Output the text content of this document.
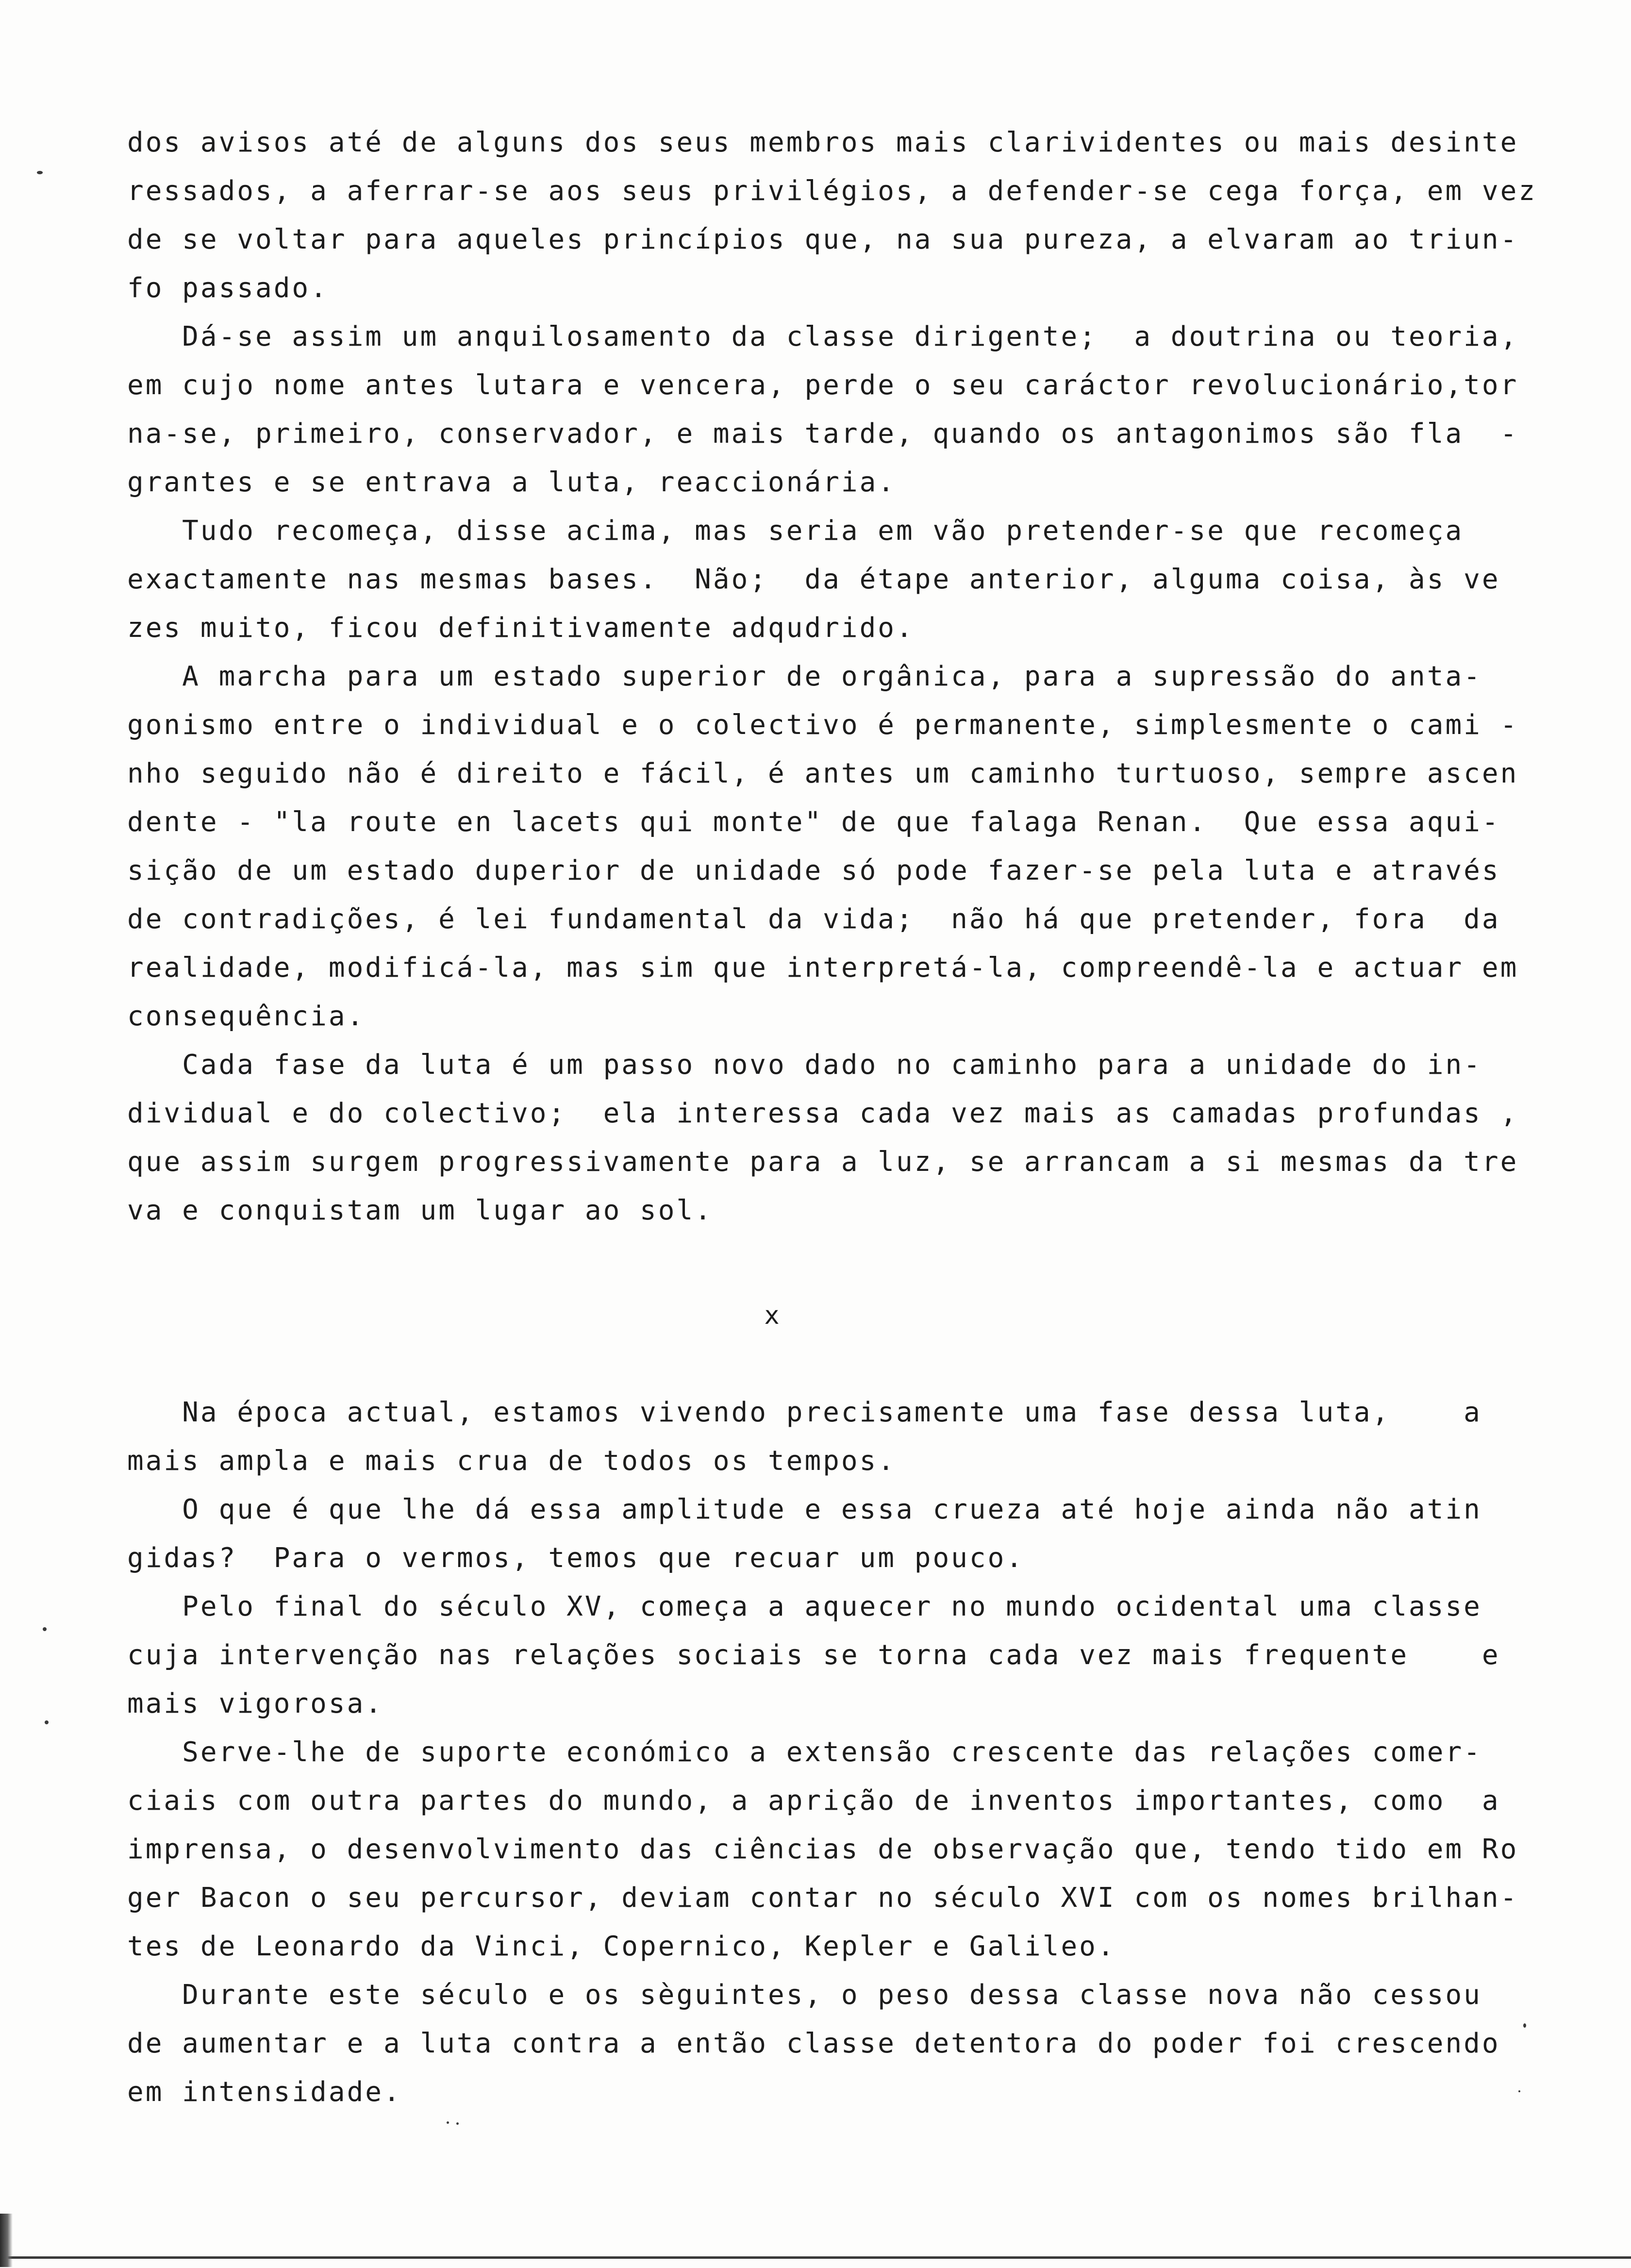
dos avisos até de alguns dos seus membros mais clarividentes ou mais desinte
ressados, a aferrar-se aos seus privilégios, a defender-se cega força, em vez
de se voltar para aqueles princípios que, na sua pureza, a elvaram ao triun-
fo passado.
Dá-se assim um anquilosamento da classe dirigente;  a doutrina ou teoria,
em cujo nome antes lutara e vencera, perde o seu caráctor revolucionário,tor
na-se, primeiro, conservador, e mais tarde, quando os antagonimos são fla  -
grantes e se entrava a luta, reaccionária.
Tudo recomeça, disse acima, mas seria em vão pretender-se que recomeça
exactamente nas mesmas bases.  Não;  da étape anterior, alguma coisa, às ve
zes muito, ficou definitivamente adqudrido.
A marcha para um estado superior de orgânica, para a supressão do anta-
gonismo entre o individual e o colectivo é permanente, simplesmente o cami -
nho seguido não é direito e fácil, é antes um caminho turtuoso, sempre ascen
dente - "la route en lacets qui monte" de que falaga Renan.  Que essa aqui-
sição de um estado duperior de unidade só pode fazer-se pela luta e através
de contradições, é lei fundamental da vida;  não há que pretender, fora  da
realidade, modificá-la, mas sim que interpretá-la, compreendê-la e actuar em
consequência.
Cada fase da luta é um passo novo dado no caminho para a unidade do in-
dividual e do colectivo;  ela interessa cada vez mais as camadas profundas ,
que assim surgem progressivamente para a luz, se arrancam a si mesmas da tre
va e conquistam um lugar ao sol.
x
Na época actual, estamos vivendo precisamente uma fase dessa luta,    a
mais ampla e mais crua de todos os tempos.
O que é que lhe dá essa amplitude e essa crueza até hoje ainda não atin
gidas?  Para o vermos, temos que recuar um pouco.
Pelo final do século XV, começa a aquecer no mundo ocidental uma classe
cuja intervenção nas relações sociais se torna cada vez mais frequente    e
mais vigorosa.
Serve-lhe de suporte económico a extensão crescente das relações comer-
ciais com outra partes do mundo, a aprição de inventos importantes, como  a
imprensa, o desenvolvimento das ciências de observação que, tendo tido em Ro
ger Bacon o seu percursor, deviam contar no século XVI com os nomes brilhan-
tes de Leonardo da Vinci, Copernico, Kepler e Galileo.
Durante este século e os sèguintes, o peso dessa classe nova não cessou
de aumentar e a luta contra a então classe detentora do poder foi crescendo
em intensidade.
